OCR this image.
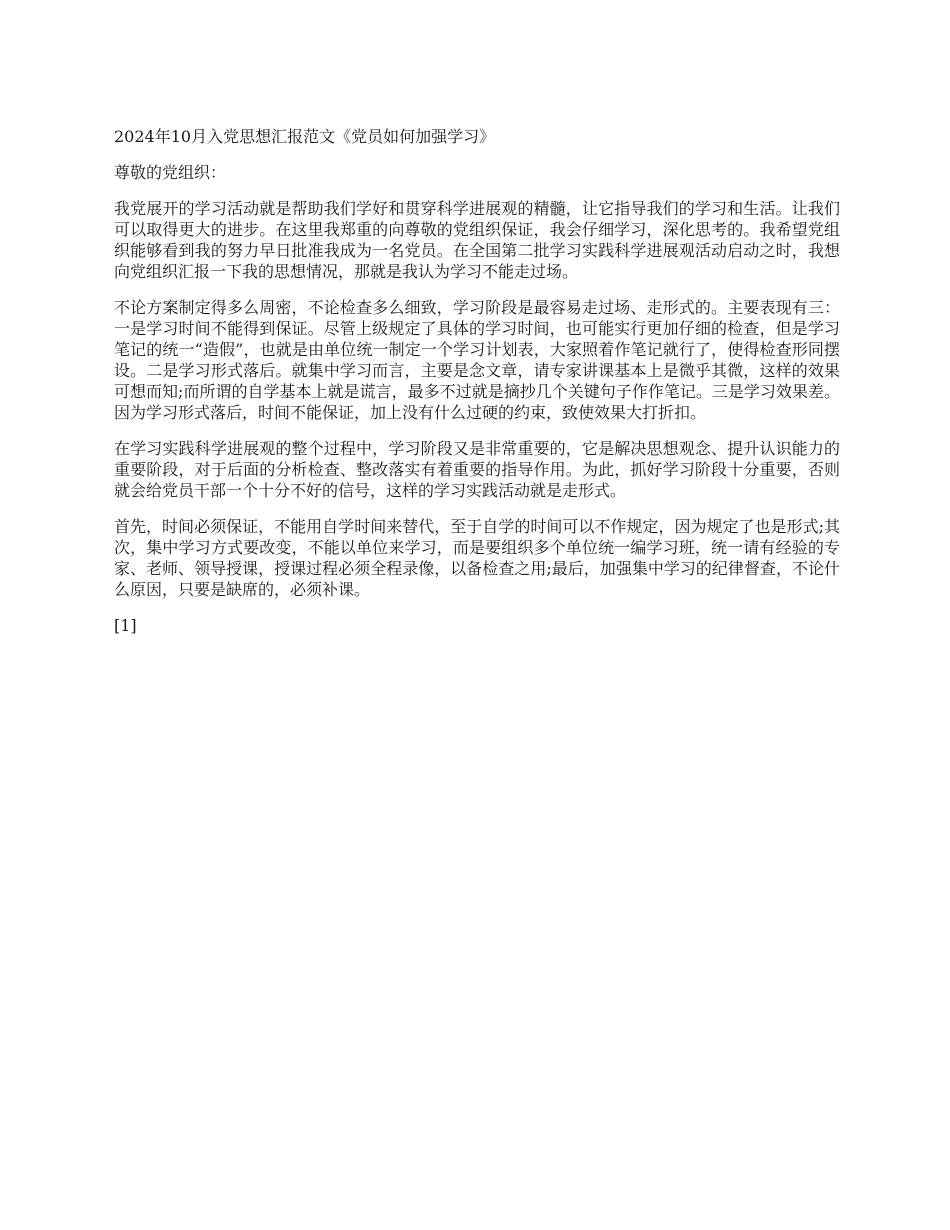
2024年10月入党思想汇报范文《党员如何加强学习》
尊敬的党组织：
我党展开的学习活动就是帮助我们学好和贯穿科学进展观的精髓，让它指导我们的学习和生活。让我们可以取得更大的进步。在这里我郑重的向尊敬的党组织保证，我会仔细学习，深化思考的。我希望党组织能够看到我的努力早日批准我成为一名党员。在全国第二批学习实践科学进展观活动启动之时，我想向党组织汇报一下我的思想情况，那就是我认为学习不能走过场。
不论方案制定得多么周密，不论检查多么细致，学习阶段是最容易走过场、走形式的。主要表现有三：一是学习时间不能得到保证。尽管上级规定了具体的学习时间，也可能实行更加仔细的检查，但是学习笔记的统一“造假”，也就是由单位统一制定一个学习计划表，大家照着作笔记就行了，使得检查形同摆设。二是学习形式落后。就集中学习而言，主要是念文章，请专家讲课基本上是微乎其微，这样的效果可想而知;而所谓的自学基本上就是谎言，最多不过就是摘抄几个关键句子作作笔记。三是学习效果差。因为学习形式落后，时间不能保证，加上没有什么过硬的约束，致使效果大打折扣。
在学习实践科学进展观的整个过程中，学习阶段又是非常重要的，它是解决思想观念、提升认识能力的重要阶段，对于后面的分析检查、整改落实有着重要的指导作用。为此，抓好学习阶段十分重要，否则就会给党员干部一个十分不好的信号，这样的学习实践活动就是走形式。
首先，时间必须保证，不能用自学时间来替代，至于自学的时间可以不作规定，因为规定了也是形式;其次，集中学习方式要改变，不能以单位来学习，而是要组织多个单位统一编学习班，统一请有经验的专家、老师、领导授课，授课过程必须全程录像，以备检查之用;最后，加强集中学习的纪律督查，不论什么原因，只要是缺席的，必须补课。
[1]
